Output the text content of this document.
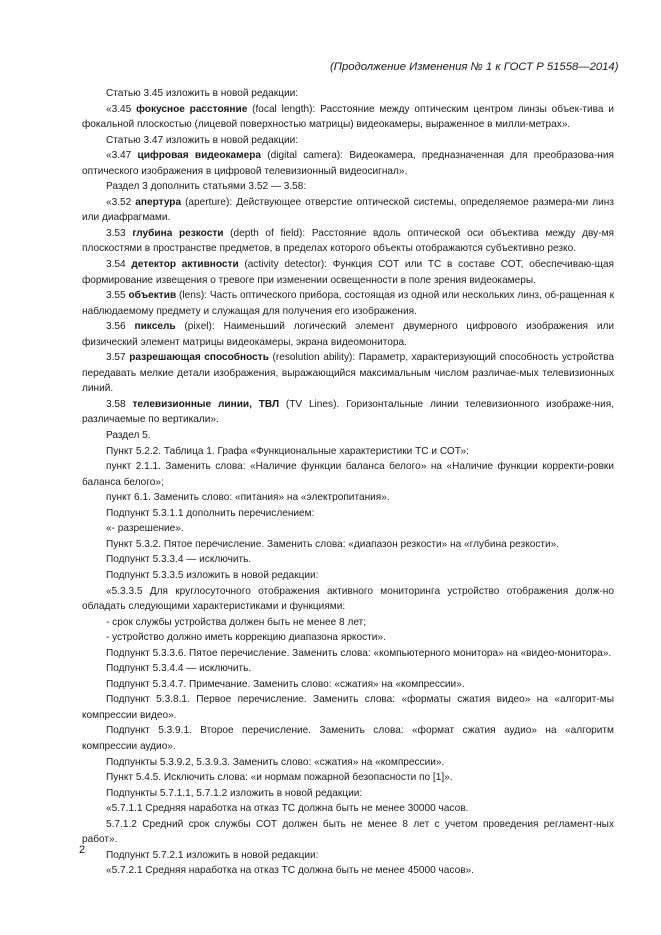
(Продолжение Изменения № 1 к ГОСТ Р 51558—2014)

Статью 3.45 изложить в новой редакции:

«3.45 фокусное расстояние (focal length): Расстояние между оптическим центром линзы объек-тива и фокальной плоскостью (лицевой поверхностью матрицы) видеокамеры, выраженное в милли-метрах».

Статью 3.47 изложить в новой редакции:

«3.47 цифровая видеокамера (digital camera): Видеокамера, предназначенная для преобразова-ния оптического изображения в цифровой телевизионный видеосигнал».

Раздел 3 дополнить статьями 3.52 — 3.58:

«3.52 апертура (aperture): Действующее отверстие оптической системы, определяемое размера-ми линз или диафрагмами.

3.53 глубина резкости (depth of field): Расстояние вдоль оптической оси объектива между дву-мя плоскостями в пространстве предметов, в пределах которого объекты отображаются субъективно резко.

3.54 детектор активности (activity detector): Функция СОТ или ТС в составе СОТ, обеспечиваю-щая формирование извещения о тревоге при изменении освещенности в поле зрения видеокамеры.

3.55 объектив (lens): Часть оптического прибора, состоящая из одной или нескольких линз, об-ращенная к наблюдаемому предмету и служащая для получения его изображения.

3.56 пиксель (pixel): Наименьший логический элемент двумерного цифрового изображения или физический элемент матрицы видеокамеры, экрана видеомонитора.

3.57 разрешающая способность (resolution ability): Параметр, характеризующий способность устройства передавать мелкие детали изображения, выражающийся максимальным числом различае-мых телевизионных линий.

3.58 телевизионные линии, ТВЛ (TV Lines). Горизонтальные линии телевизионного изображе-ния, различаемые по вертикали».

Раздел 5.

Пункт 5.2.2. Таблица 1. Графа «Функциональные характеристики ТС и СОТ»:

пункт 2.1.1. Заменить слова: «Наличие функции баланса белого» на «Наличие функции корректи-ровки баланса белого»;

пункт 6.1. Заменить слово: «питания» на «электропитания».

Подпункт 5.3.1.1 дополнить перечислением:

«- разрешение».

Пункт 5.3.2. Пятое перечисление. Заменить слова: «диапазон резкости» на «глубина резкости».

Подпункт 5.3.3.4 — исключить.

Подпункт 5.3.3.5 изложить в новой редакции:

«5.3.3.5 Для круглосуточного отображения активного мониторинга устройство отображения долж-но обладать следующими характеристиками и функциями:

- срок службы устройства должен быть не менее 8 лет;

- устройство должно иметь коррекцию диапазона яркости».

Подпункт 5.3.3.6. Пятое перечисление. Заменить слова: «компьютерного монитора» на «видео-монитора».

Подпункт 5.3.4.4 — исключить.

Подпункт 5.3.4.7. Примечание. Заменить слово: «сжатия» на «компрессии».

Подпункт 5.3.8.1. Первое перечисление. Заменить слова: «форматы сжатия видео» на «алгорит-мы компрессии видео».

Подпункт 5.3.9.1. Второе перечисление. Заменить слова: «формат сжатия аудио» на «алгоритм компрессии аудио».

Подпункты 5.3.9.2, 5.3.9.3. Заменить слово: «сжатия» на «компрессии».

Пункт 5.4.5. Исключить слова: «и нормам пожарной безопасности по [1]».

Подпункты 5.7.1.1, 5.7.1.2 изложить в новой редакции:

«5.7.1.1 Средняя наработка на отказ ТС должна быть не менее 30000 часов.

5.7.1.2 Средний срок службы СОТ должен быть не менее 8 лет с учетом проведения регламент-ных работ».

Подпункт 5.7.2.1 изложить в новой редакции:

«5.7.2.1 Средняя наработка на отказ ТС должна быть не менее 45000 часов».

2
